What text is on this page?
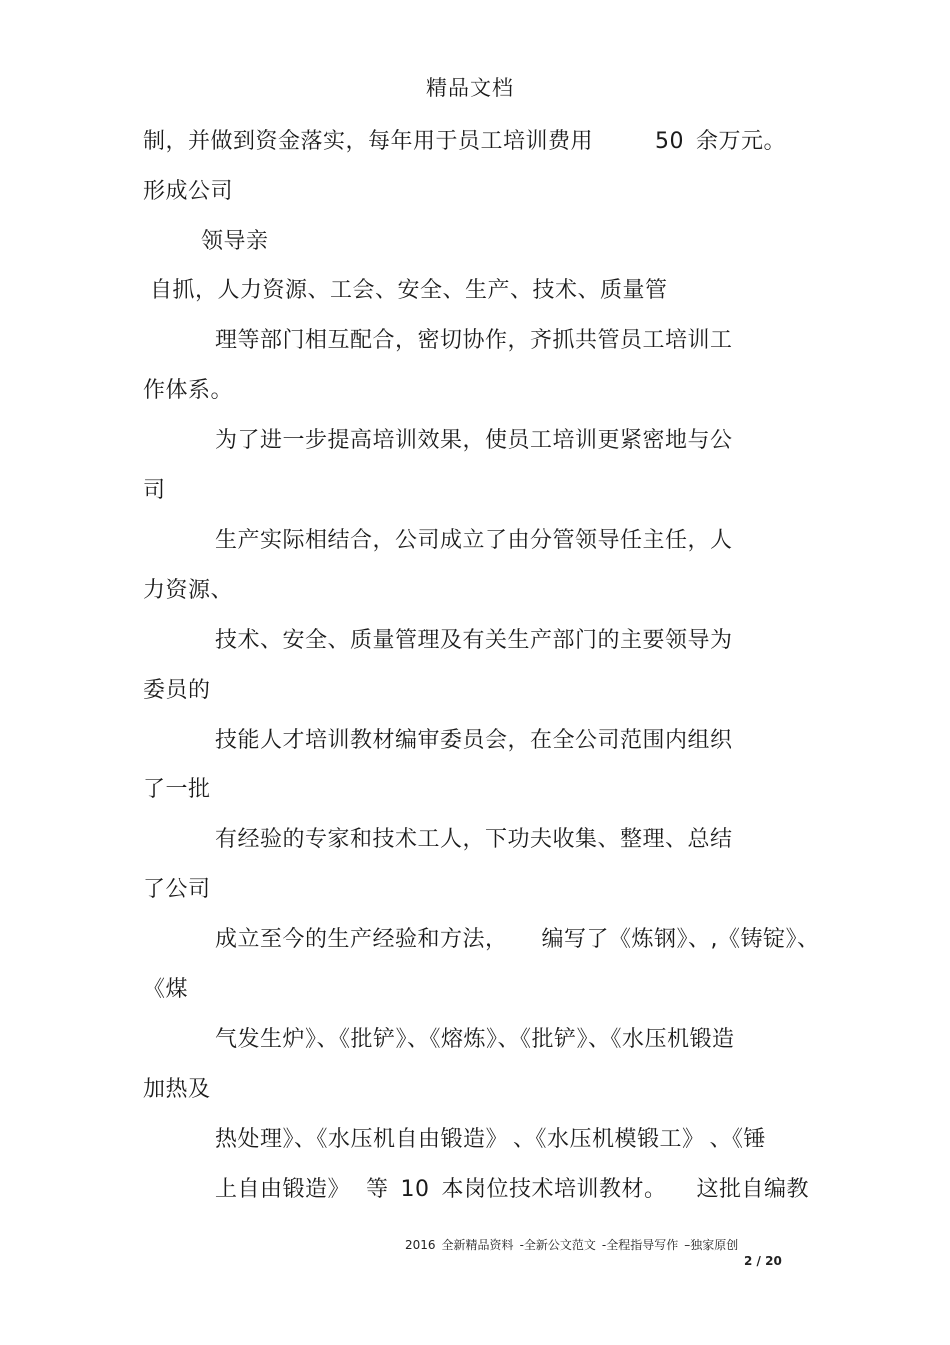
精品文档
制，并做到资金落实，每年用于员工培训费用	50 余万元。
形成公司
领导亲
自抓，人力资源、工会、安全、生产、技术、质量管
理等部门相互配合，密切协作，齐抓共管员工培训工
作体系。
为了进一步提高培训效果，使员工培训更紧密地与公
司
生产实际相结合，公司成立了由分管领导任主任，人
力资源、
技术、安全、质量管理及有关生产部门的主要领导为
委员的
技能人才培训教材编审委员会，在全公司范围内组织
了一批
有经验的专家和技术工人，下功夫收集、整理、总结
了公司
成立至今的生产经验和方法， 编写了《炼钢》、,《铸锭》、
《煤
气发生炉》、《批铲》、《熔炼》、《批铲》、《水压机锻造
加热及
热处理》、《水压机自由锻造》 、《水压机模锻工》 、《锤
上自由锻造》 等 10 本岗位技术培训教材。 这批自编教
2016 全新精品资料 -全新公文范文 -全程指导写作 –独家原创
2 / 20
